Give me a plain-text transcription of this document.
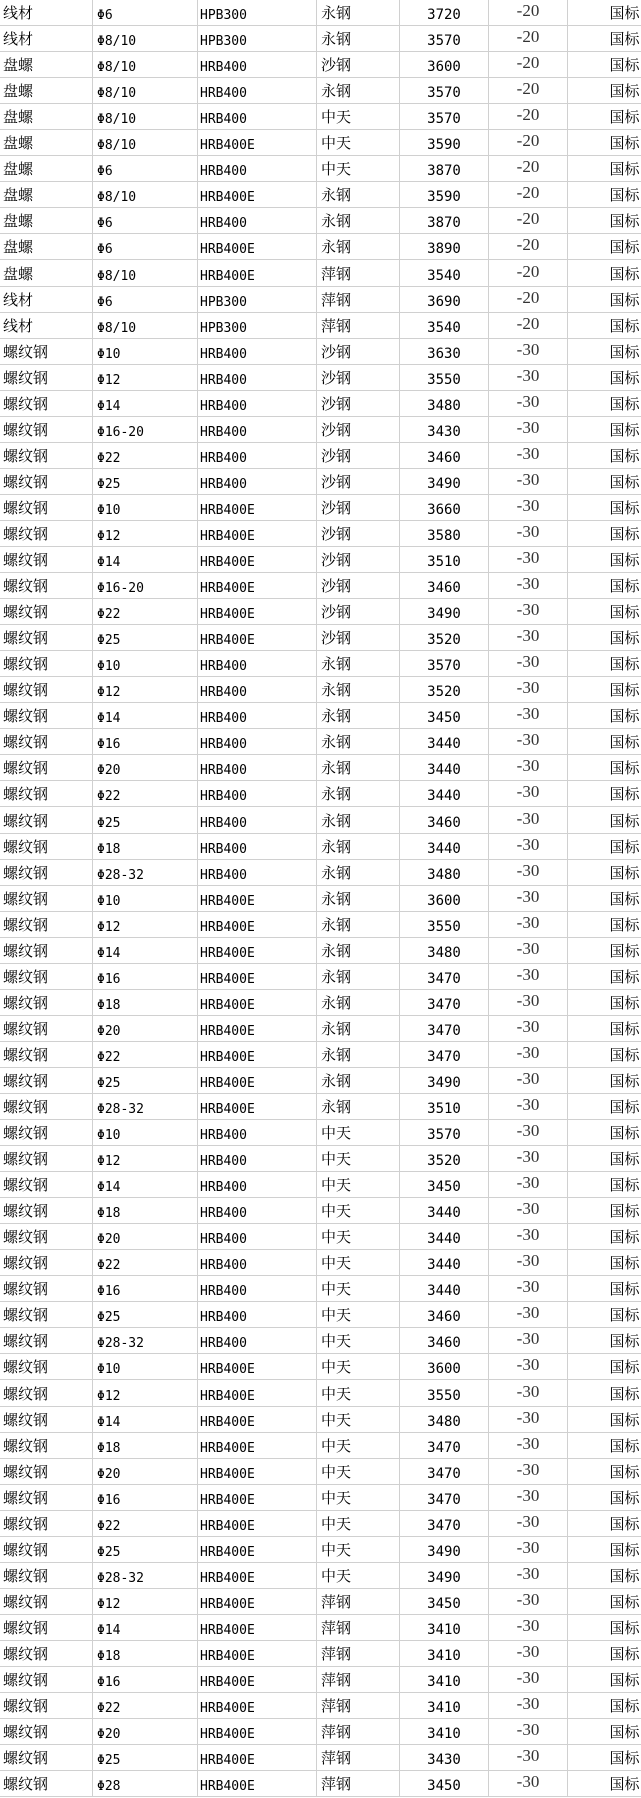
线材	Φ6	HPB300	永钢	3720	-20	国标
线材	Φ8/10	HPB300	永钢	3570	-20	国标
盘螺	Φ8/10	HRB400	沙钢	3600	-20	国标
盘螺	Φ8/10	HRB400	永钢	3570	-20	国标
盘螺	Φ8/10	HRB400	中天	3570	-20	国标
盘螺	Φ8/10	HRB400E	中天	3590	-20	国标
盘螺	Φ6	HRB400	中天	3870	-20	国标
盘螺	Φ8/10	HRB400E	永钢	3590	-20	国标
盘螺	Φ6	HRB400	永钢	3870	-20	国标
盘螺	Φ6	HRB400E	永钢	3890	-20	国标
盘螺	Φ8/10	HRB400E	萍钢	3540	-20	国标
线材	Φ6	HPB300	萍钢	3690	-20	国标
线材	Φ8/10	HPB300	萍钢	3540	-20	国标
螺纹钢	Φ10	HRB400	沙钢	3630	-30	国标
螺纹钢	Φ12	HRB400	沙钢	3550	-30	国标
螺纹钢	Φ14	HRB400	沙钢	3480	-30	国标
螺纹钢	Φ16-20	HRB400	沙钢	3430	-30	国标
螺纹钢	Φ22	HRB400	沙钢	3460	-30	国标
螺纹钢	Φ25	HRB400	沙钢	3490	-30	国标
螺纹钢	Φ10	HRB400E	沙钢	3660	-30	国标
螺纹钢	Φ12	HRB400E	沙钢	3580	-30	国标
螺纹钢	Φ14	HRB400E	沙钢	3510	-30	国标
螺纹钢	Φ16-20	HRB400E	沙钢	3460	-30	国标
螺纹钢	Φ22	HRB400E	沙钢	3490	-30	国标
螺纹钢	Φ25	HRB400E	沙钢	3520	-30	国标
螺纹钢	Φ10	HRB400	永钢	3570	-30	国标
螺纹钢	Φ12	HRB400	永钢	3520	-30	国标
螺纹钢	Φ14	HRB400	永钢	3450	-30	国标
螺纹钢	Φ16	HRB400	永钢	3440	-30	国标
螺纹钢	Φ20	HRB400	永钢	3440	-30	国标
螺纹钢	Φ22	HRB400	永钢	3440	-30	国标
螺纹钢	Φ25	HRB400	永钢	3460	-30	国标
螺纹钢	Φ18	HRB400	永钢	3440	-30	国标
螺纹钢	Φ28-32	HRB400	永钢	3480	-30	国标
螺纹钢	Φ10	HRB400E	永钢	3600	-30	国标
螺纹钢	Φ12	HRB400E	永钢	3550	-30	国标
螺纹钢	Φ14	HRB400E	永钢	3480	-30	国标
螺纹钢	Φ16	HRB400E	永钢	3470	-30	国标
螺纹钢	Φ18	HRB400E	永钢	3470	-30	国标
螺纹钢	Φ20	HRB400E	永钢	3470	-30	国标
螺纹钢	Φ22	HRB400E	永钢	3470	-30	国标
螺纹钢	Φ25	HRB400E	永钢	3490	-30	国标
螺纹钢	Φ28-32	HRB400E	永钢	3510	-30	国标
螺纹钢	Φ10	HRB400	中天	3570	-30	国标
螺纹钢	Φ12	HRB400	中天	3520	-30	国标
螺纹钢	Φ14	HRB400	中天	3450	-30	国标
螺纹钢	Φ18	HRB400	中天	3440	-30	国标
螺纹钢	Φ20	HRB400	中天	3440	-30	国标
螺纹钢	Φ22	HRB400	中天	3440	-30	国标
螺纹钢	Φ16	HRB400	中天	3440	-30	国标
螺纹钢	Φ25	HRB400	中天	3460	-30	国标
螺纹钢	Φ28-32	HRB400	中天	3460	-30	国标
螺纹钢	Φ10	HRB400E	中天	3600	-30	国标
螺纹钢	Φ12	HRB400E	中天	3550	-30	国标
螺纹钢	Φ14	HRB400E	中天	3480	-30	国标
螺纹钢	Φ18	HRB400E	中天	3470	-30	国标
螺纹钢	Φ20	HRB400E	中天	3470	-30	国标
螺纹钢	Φ16	HRB400E	中天	3470	-30	国标
螺纹钢	Φ22	HRB400E	中天	3470	-30	国标
螺纹钢	Φ25	HRB400E	中天	3490	-30	国标
螺纹钢	Φ28-32	HRB400E	中天	3490	-30	国标
螺纹钢	Φ12	HRB400E	萍钢	3450	-30	国标
螺纹钢	Φ14	HRB400E	萍钢	3410	-30	国标
螺纹钢	Φ18	HRB400E	萍钢	3410	-30	国标
螺纹钢	Φ16	HRB400E	萍钢	3410	-30	国标
螺纹钢	Φ22	HRB400E	萍钢	3410	-30	国标
螺纹钢	Φ20	HRB400E	萍钢	3410	-30	国标
螺纹钢	Φ25	HRB400E	萍钢	3430	-30	国标
螺纹钢	Φ28	HRB400E	萍钢	3450	-30	国标
